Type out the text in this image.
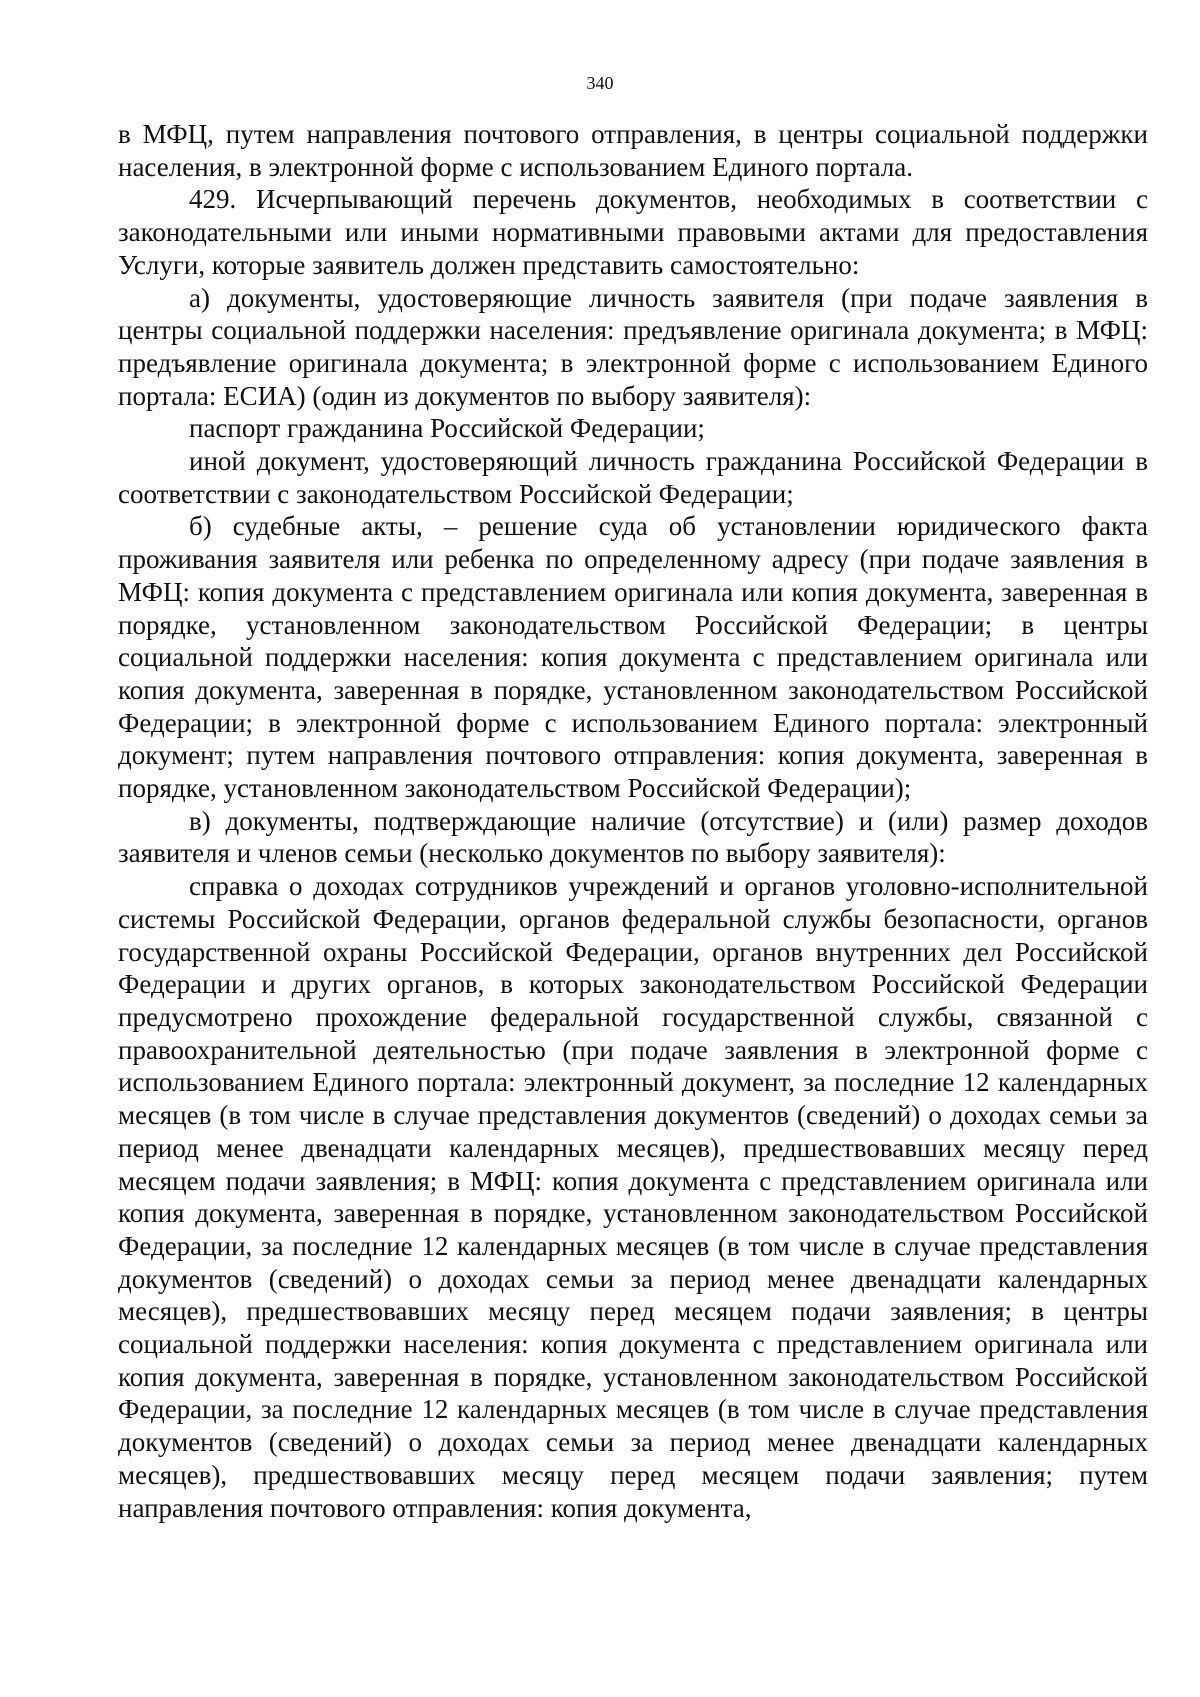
340

в МФЦ, путем направления почтового отправления, в центры социальной поддержки населения, в электронной форме с использованием Единого портала.

429. Исчерпывающий перечень документов, необходимых в соответствии с законодательными или иными нормативными правовыми актами для предоставления Услуги, которые заявитель должен представить самостоятельно:

а) документы, удостоверяющие личность заявителя (при подаче заявления в центры социальной поддержки населения: предъявление оригинала документа; в МФЦ: предъявление оригинала документа; в электронной форме с использованием Единого портала: ЕСИА) (один из документов по выбору заявителя):

паспорт гражданина Российской Федерации;

иной документ, удостоверяющий личность гражданина Российской Федерации в соответствии с законодательством Российской Федерации;

б) судебные акты, – решение суда об установлении юридического факта проживания заявителя или ребенка по определенному адресу (при подаче заявления в МФЦ: копия документа с представлением оригинала или копия документа, заверенная в порядке, установленном законодательством Российской Федерации; в центры социальной поддержки населения: копия документа с представлением оригинала или копия документа, заверенная в порядке, установленном законодательством Российской Федерации; в электронной форме с использованием Единого портала: электронный документ; путем направления почтового отправления: копия документа, заверенная в порядке, установленном законодательством Российской Федерации);

в) документы, подтверждающие наличие (отсутствие) и (или) размер доходов заявителя и членов семьи (несколько документов по выбору заявителя):

справка о доходах сотрудников учреждений и органов уголовно-исполнительной системы Российской Федерации, органов федеральной службы безопасности, органов государственной охраны Российской Федерации, органов внутренних дел Российской Федерации и других органов, в которых законодательством Российской Федерации предусмотрено прохождение федеральной государственной службы, связанной с правоохранительной деятельностью (при подаче заявления в электронной форме с использованием Единого портала: электронный документ, за последние 12 календарных месяцев (в том числе в случае представления документов (сведений) о доходах семьи за период менее двенадцати календарных месяцев), предшествовавших месяцу перед месяцем подачи заявления; в МФЦ: копия документа с представлением оригинала или копия документа, заверенная в порядке, установленном законодательством Российской Федерации, за последние 12 календарных месяцев (в том числе в случае представления документов (сведений) о доходах семьи за период менее двенадцати календарных месяцев), предшествовавших месяцу перед месяцем подачи заявления; в центры социальной поддержки населения: копия документа с представлением оригинала или копия документа, заверенная в порядке, установленном законодательством Российской Федерации, за последние 12 календарных месяцев (в том числе в случае представления документов (сведений) о доходах семьи за период менее двенадцати календарных месяцев), предшествовавших месяцу перед месяцем подачи заявления; путем направления почтового отправления: копия документа,
